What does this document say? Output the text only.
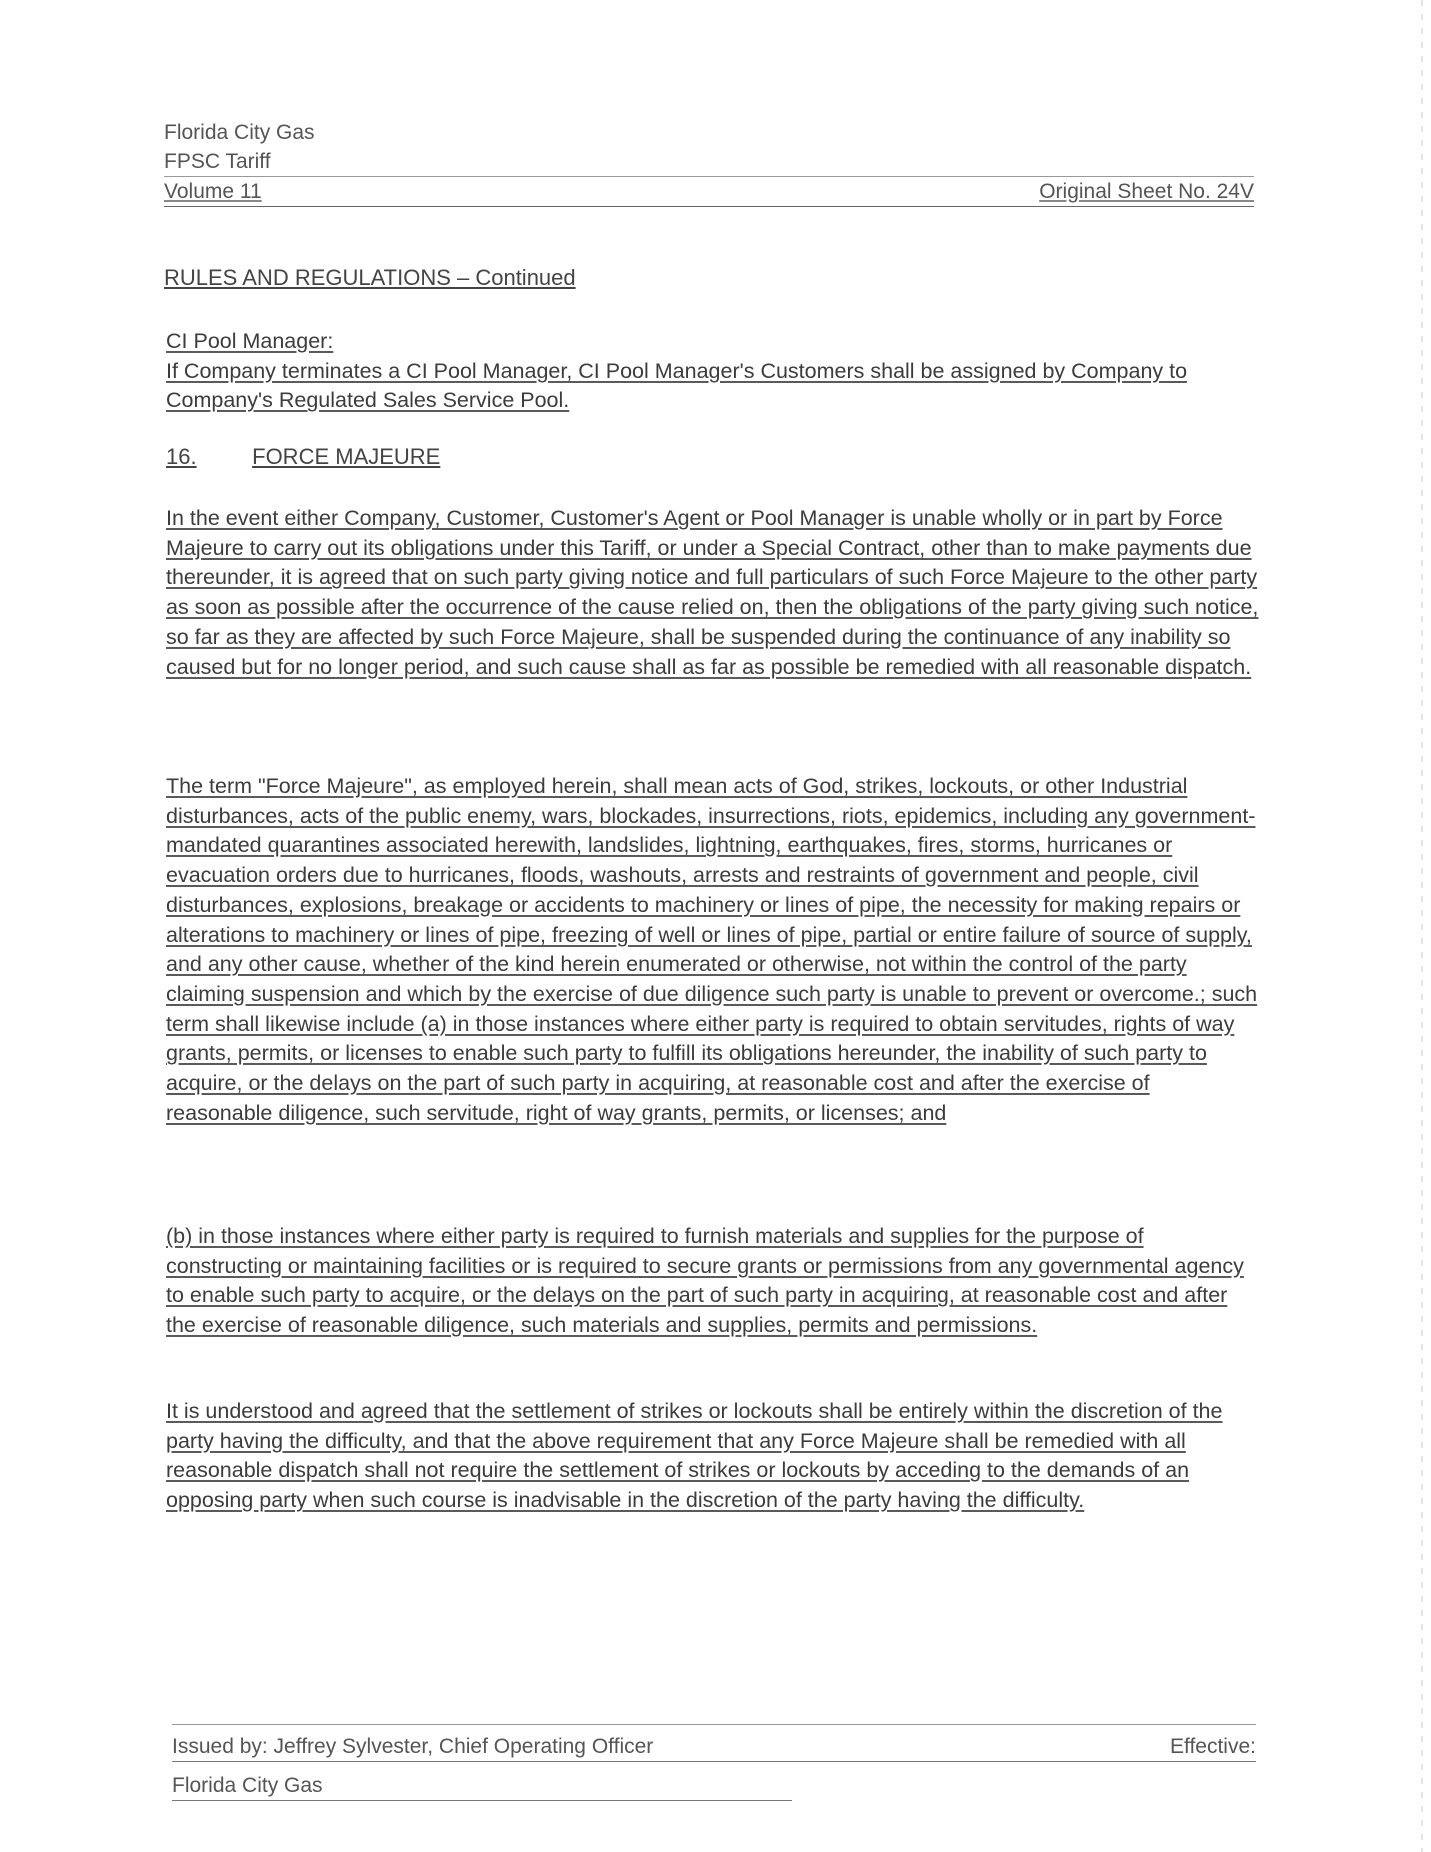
Florida City Gas
FPSC Tariff
Volume 11	Original Sheet No. 24V
RULES AND REGULATIONS – Continued
CI Pool Manager:
If Company terminates a CI Pool Manager, CI Pool Manager's Customers shall be assigned by Company to Company's Regulated Sales Service Pool.
16.	FORCE MAJEURE
In the event either Company, Customer, Customer's Agent or Pool Manager is unable wholly or in part by Force Majeure to carry out its obligations under this Tariff, or under a Special Contract, other than to make payments due thereunder, it is agreed that on such party giving notice and full particulars of such Force Majeure to the other party as soon as possible after the occurrence of the cause relied on, then the obligations of the party giving such notice, so far as they are affected by such Force Majeure, shall be suspended during the continuance of any inability so caused but for no longer period, and such cause shall as far as possible be remedied with all reasonable dispatch.
The term "Force Majeure", as employed herein, shall mean acts of God, strikes, lockouts, or other Industrial disturbances, acts of the public enemy, wars, blockades, insurrections, riots, epidemics, including any government-mandated quarantines associated herewith, landslides, lightning, earthquakes, fires, storms, hurricanes or evacuation orders due to hurricanes, floods, washouts, arrests and restraints of government and people, civil disturbances, explosions, breakage or accidents to machinery or lines of pipe, the necessity for making repairs or alterations to machinery or lines of pipe, freezing of well or lines of pipe, partial or entire failure of source of supply, and any other cause, whether of the kind herein enumerated or otherwise, not within the control of the party claiming suspension and which by the exercise of due diligence such party is unable to prevent or overcome.; such term shall likewise include (a) in those instances where either party is required to obtain servitudes, rights of way grants, permits, or licenses to enable such party to fulfill its obligations hereunder, the inability of such party to acquire, or the delays on the part of such party in acquiring, at reasonable cost and after the exercise of reasonable diligence, such servitude, right of way grants, permits, or licenses; and
(b) in those instances where either party is required to furnish materials and supplies for the purpose of constructing or maintaining facilities or is required to secure grants or permissions from any governmental agency to enable such party to acquire, or the delays on the part of such party in acquiring, at reasonable cost and after the exercise of reasonable diligence, such materials and supplies, permits and permissions.
It is understood and agreed that the settlement of strikes or lockouts shall be entirely within the discretion of the party having the difficulty, and that the above requirement that any Force Majeure shall be remedied with all reasonable dispatch shall not require the settlement of strikes or lockouts by acceding to the demands of an opposing party when such course is inadvisable in the discretion of the party having the difficulty.
Issued by: Jeffrey Sylvester, Chief Operating Officer	Effective:
Florida City Gas
